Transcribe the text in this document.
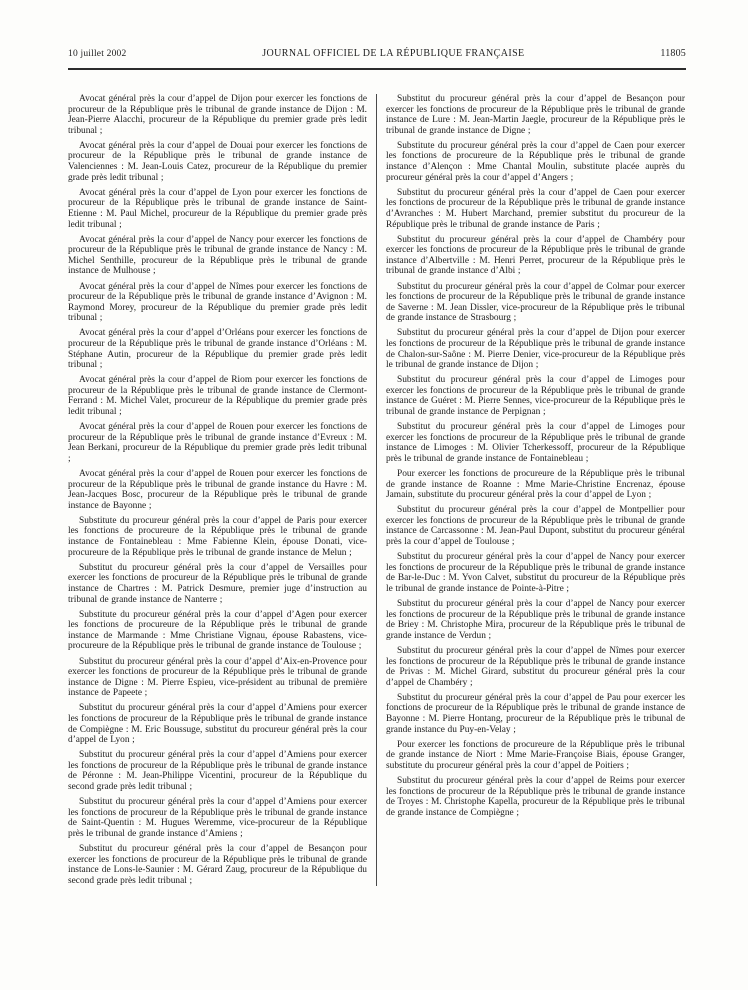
10 juillet 2002	JOURNAL OFFICIEL DE LA RÉPUBLIQUE FRANÇAISE	11805

Avocat général près la cour d’appel de Dijon pour exercer les fonctions de procureur de la République près le tribunal de grande instance de Dijon : M. Jean-Pierre Alacchi, procureur de la République du premier grade près ledit tribunal ;

Avocat général près la cour d’appel de Douai pour exercer les fonctions de procureur de la République près le tribunal de grande instance de Valenciennes : M. Jean-Louis Catez, procureur de la République du premier grade près ledit tribunal ;

Avocat général près la cour d’appel de Lyon pour exercer les fonctions de procureur de la République près le tribunal de grande instance de Saint-Etienne : M. Paul Michel, procureur de la République du premier grade près ledit tribunal ;

Avocat général près la cour d’appel de Nancy pour exercer les fonctions de procureur de la République près le tribunal de grande instance de Nancy : M. Michel Senthille, procureur de la République près le tribunal de grande instance de Mulhouse ;

Avocat général près la cour d’appel de Nîmes pour exercer les fonctions de procureur de la République près le tribunal de grande instance d’Avignon : M. Raymond Morey, procureur de la République du premier grade près ledit tribunal ;

Avocat général près la cour d’appel d’Orléans pour exercer les fonctions de procureur de la République près le tribunal de grande instance d’Orléans : M. Stéphane Autin, procureur de la République du premier grade près ledit tribunal ;

Avocat général près la cour d’appel de Riom pour exercer les fonctions de procureur de la République près le tribunal de grande instance de Clermont-Ferrand : M. Michel Valet, procureur de la République du premier grade près ledit tribunal ;

Avocat général près la cour d’appel de Rouen pour exercer les fonctions de procureur de la République près le tribunal de grande instance d’Evreux : M. Jean Berkani, procureur de la République du premier grade près ledit tribunal ;

Avocat général près la cour d’appel de Rouen pour exercer les fonctions de procureur de la République près le tribunal de grande instance du Havre : M. Jean-Jacques Bosc, procureur de la République près le tribunal de grande instance de Bayonne ;

Substitute du procureur général près la cour d’appel de Paris pour exercer les fonctions de procureure de la République près le tribunal de grande instance de Fontainebleau : Mme Fabienne Klein, épouse Donati, vice-procureure de la République près le tribunal de grande instance de Melun ;

Substitut du procureur général près la cour d’appel de Versailles pour exercer les fonctions de procureur de la République près le tribunal de grande instance de Chartres : M. Patrick Desmure, premier juge d’instruction au tribunal de grande instance de Nanterre ;

Substitute du procureur général près la cour d’appel d’Agen pour exercer les fonctions de procureure de la République près le tribunal de grande instance de Marmande : Mme Christiane Vignau, épouse Rabastens, vice-procureure de la République près le tribunal de grande instance de Toulouse ;

Substitut du procureur général près la cour d’appel d’Aix-en-Provence pour exercer les fonctions de procureur de la République près le tribunal de grande instance de Digne : M. Pierre Espieu, vice-président au tribunal de première instance de Papeete ;

Substitut du procureur général près la cour d’appel d’Amiens pour exercer les fonctions de procureur de la République près le tribunal de grande instance de Compiègne : M. Eric Boussuge, substitut du procureur général près la cour d’appel de Lyon ;

Substitut du procureur général près la cour d’appel d’Amiens pour exercer les fonctions de procureur de la République près le tribunal de grande instance de Péronne : M. Jean-Philippe Vicentini, procureur de la République du second grade près ledit tribunal ;

Substitut du procureur général près la cour d’appel d’Amiens pour exercer les fonctions de procureur de la République près le tribunal de grande instance de Saint-Quentin : M. Hugues Weremme, vice-procureur de la République près le tribunal de grande instance d’Amiens ;

Substitut du procureur général près la cour d’appel de Besançon pour exercer les fonctions de procureur de la République près le tribunal de grande instance de Lons-le-Saunier : M. Gérard Zaug, procureur de la République du second grade près ledit tribunal ;

Substitut du procureur général près la cour d’appel de Besançon pour exercer les fonctions de procureur de la République près le tribunal de grande instance de Lure : M. Jean-Martin Jaegle, procureur de la République près le tribunal de grande instance de Digne ;

Substitute du procureur général près la cour d’appel de Caen pour exercer les fonctions de procureure de la République près le tribunal de grande instance d’Alençon : Mme Chantal Moulin, substitute placée auprès du procureur général près la cour d’appel d’Angers ;

Substitut du procureur général près la cour d’appel de Caen pour exercer les fonctions de procureur de la République près le tribunal de grande instance d’Avranches : M. Hubert Marchand, premier substitut du procureur de la République près le tribunal de grande instance de Paris ;

Substitut du procureur général près la cour d’appel de Chambéry pour exercer les fonctions de procureur de la République près le tribunal de grande instance d’Albertville : M. Henri Perret, procureur de la République près le tribunal de grande instance d’Albi ;

Substitut du procureur général près la cour d’appel de Colmar pour exercer les fonctions de procureur de la République près le tribunal de grande instance de Saverne : M. Jean Dissler, vice-procureur de la République près le tribunal de grande instance de Strasbourg ;

Substitut du procureur général près la cour d’appel de Dijon pour exercer les fonctions de procureur de la République près le tribunal de grande instance de Chalon-sur-Saône : M. Pierre Denier, vice-procureur de la République près le tribunal de grande instance de Dijon ;

Substitut du procureur général près la cour d’appel de Limoges pour exercer les fonctions de procureur de la République près le tribunal de grande instance de Guéret : M. Pierre Sennes, vice-procureur de la République près le tribunal de grande instance de Perpignan ;

Substitut du procureur général près la cour d’appel de Limoges pour exercer les fonctions de procureur de la République près le tribunal de grande instance de Limoges : M. Olivier Tcherkessoff, procureur de la République près le tribunal de grande instance de Fontainebleau ;

Pour exercer les fonctions de procureure de la République près le tribunal de grande instance de Roanne : Mme Marie-Christine Encrenaz, épouse Jamain, substitute du procureur général près la cour d’appel de Lyon ;

Substitut du procureur général près la cour d’appel de Montpellier pour exercer les fonctions de procureur de la République près le tribunal de grande instance de Carcassonne : M. Jean-Paul Dupont, substitut du procureur général près la cour d’appel de Toulouse ;

Substitut du procureur général près la cour d’appel de Nancy pour exercer les fonctions de procureur de la République près le tribunal de grande instance de Bar-le-Duc : M. Yvon Calvet, substitut du procureur de la République près le tribunal de grande instance de Pointe-à-Pitre ;

Substitut du procureur général près la cour d’appel de Nancy pour exercer les fonctions de procureur de la République près le tribunal de grande instance de Briey : M. Christophe Mira, procureur de la République près le tribunal de grande instance de Verdun ;

Substitut du procureur général près la cour d’appel de Nîmes pour exercer les fonctions de procureur de la République près le tribunal de grande instance de Privas : M. Michel Girard, substitut du procureur général près la cour d’appel de Chambéry ;

Substitut du procureur général près la cour d’appel de Pau pour exercer les fonctions de procureur de la République près le tribunal de grande instance de Bayonne : M. Pierre Hontang, procureur de la République près le tribunal de grande instance du Puy-en-Velay ;

Pour exercer les fonctions de procureure de la République près le tribunal de grande instance de Niort : Mme Marie-Françoise Biais, épouse Granger, substitute du procureur général près la cour d’appel de Poitiers ;

Substitut du procureur général près la cour d’appel de Reims pour exercer les fonctions de procureur de la République près le tribunal de grande instance de Troyes : M. Christophe Kapella, procureur de la République près le tribunal de grande instance de Compiègne ;
